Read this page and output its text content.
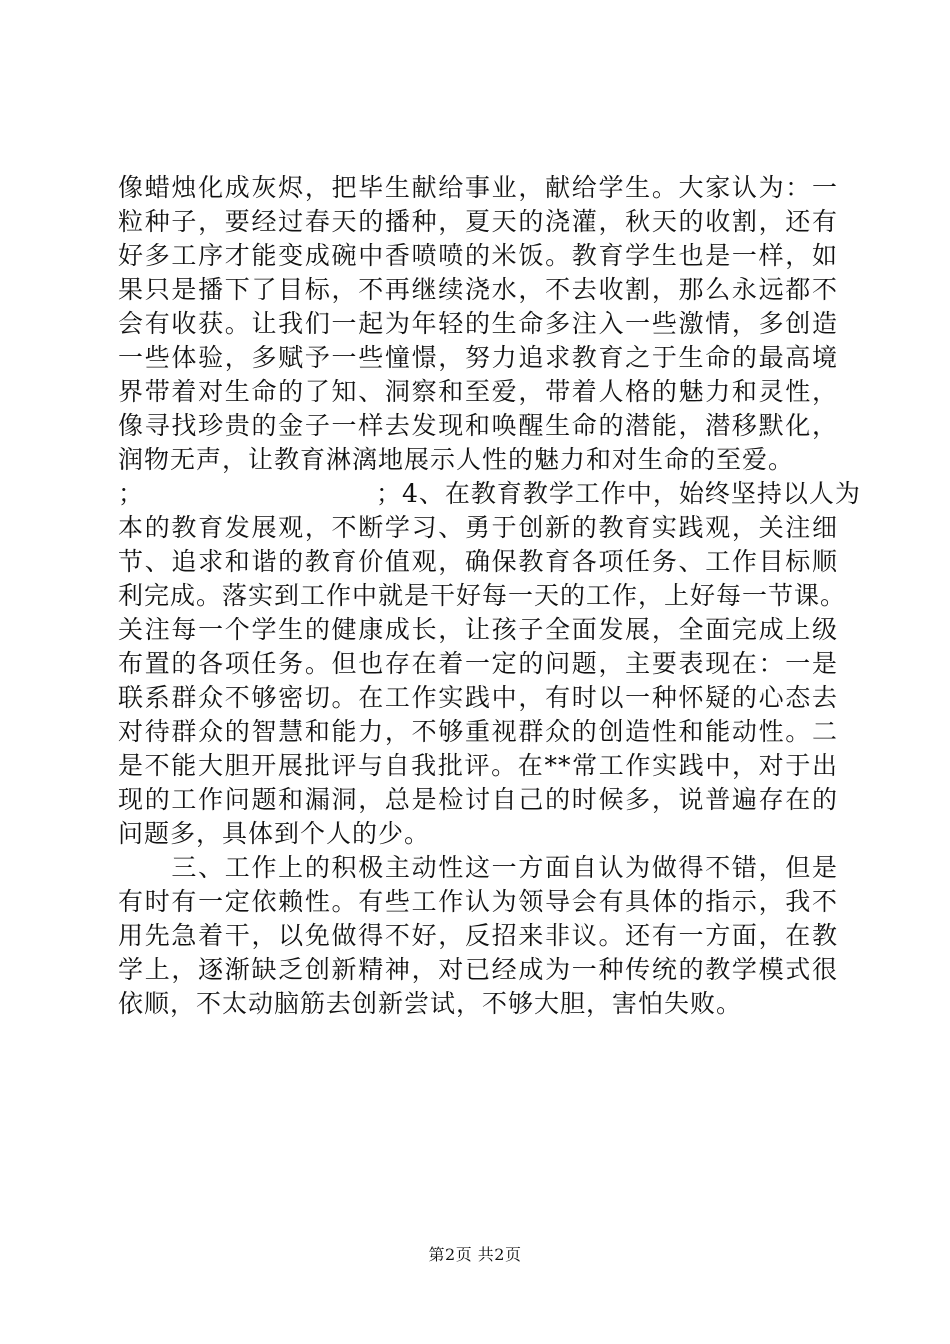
像蜡烛化成灰烬，把毕生献给事业，献给学生。大家认为：一
粒种子，要经过春天的播种，夏天的浇灌，秋天的收割，还有
好多工序才能变成碗中香喷喷的米饭。教育学生也是一样，如
果只是播下了目标，不再继续浇水，不去收割，那么永远都不
会有收获。让我们一起为年轻的生命多注入一些激情，多创造
一些体验，多赋予一些憧憬，努力追求教育之于生命的最高境
界带着对生命的了知、洞察和至爱，带着人格的魅力和灵性，
像寻找珍贵的金子一样去发现和唤醒生命的潜能，潜移默化，
润物无声，让教育淋漓地展示人性的魅力和对生命的至爱。
；	；4、在教育教学工作中，始终坚持以人为
本的教育发展观，不断学习、勇于创新的教育实践观，关注细
节、追求和谐的教育价值观，确保教育各项任务、工作目标顺
利完成。落实到工作中就是干好每一天的工作，上好每一节课。
关注每一个学生的健康成长，让孩子全面发展，全面完成上级
布置的各项任务。但也存在着一定的问题，主要表现在：一是
联系群众不够密切。在工作实践中，有时以一种怀疑的心态去
对待群众的智慧和能力，不够重视群众的创造性和能动性。二
是不能大胆开展批评与自我批评。在**常工作实践中，对于出
现的工作问题和漏洞，总是检讨自己的时候多，说普遍存在的
问题多，具体到个人的少。
　　三、工作上的积极主动性这一方面自认为做得不错，但是
有时有一定依赖性。有些工作认为领导会有具体的指示，我不
用先急着干，以免做得不好，反招来非议。还有一方面，在教
学上，逐渐缺乏创新精神，对已经成为一种传统的教学模式很
依顺，不太动脑筋去创新尝试，不够大胆，害怕失败。
第2页 共2页
